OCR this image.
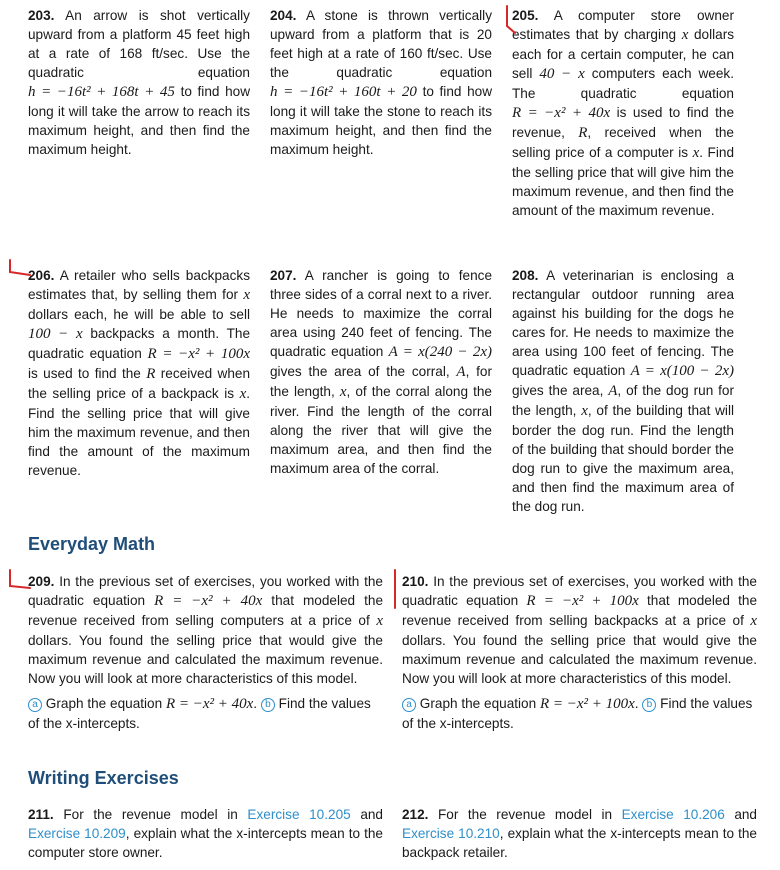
203. An arrow is shot vertically upward from a platform 45 feet high at a rate of 168 ft/sec. Use the quadratic equation h = −16t² + 168t + 45 to find how long it will take the arrow to reach its maximum height, and then find the maximum height.
204. A stone is thrown vertically upward from a platform that is 20 feet high at a rate of 160 ft/sec. Use the quadratic equation h = −16t² + 160t + 20 to find how long it will take the stone to reach its maximum height, and then find the maximum height.
205. A computer store owner estimates that by charging x dollars each for a certain computer, he can sell 40 − x computers each week. The quadratic equation R = −x² + 40x is used to find the revenue, R, received when the selling price of a computer is x. Find the selling price that will give him the maximum revenue, and then find the amount of the maximum revenue.
206. A retailer who sells backpacks estimates that, by selling them for x dollars each, he will be able to sell 100 − x backpacks a month. The quadratic equation R = −x² + 100x is used to find the R received when the selling price of a backpack is x. Find the selling price that will give him the maximum revenue, and then find the amount of the maximum revenue.
207. A rancher is going to fence three sides of a corral next to a river. He needs to maximize the corral area using 240 feet of fencing. The quadratic equation A = x(240 − 2x) gives the area of the corral, A, for the length, x, of the corral along the river. Find the length of the corral along the river that will give the maximum area, and then find the maximum area of the corral.
208. A veterinarian is enclosing a rectangular outdoor running area against his building for the dogs he cares for. He needs to maximize the area using 100 feet of fencing. The quadratic equation A = x(100 − 2x) gives the area, A, of the dog run for the length, x, of the building that will border the dog run. Find the length of the building that should border the dog run to give the maximum area, and then find the maximum area of the dog run.
Everyday Math
209. In the previous set of exercises, you worked with the quadratic equation R = −x² + 40x that modeled the revenue received from selling computers at a price of x dollars. You found the selling price that would give the maximum revenue and calculated the maximum revenue. Now you will look at more characteristics of this model.
a Graph the equation R = −x² + 40x. b Find the values of the x-intercepts.
210. In the previous set of exercises, you worked with the quadratic equation R = −x² + 100x that modeled the revenue received from selling backpacks at a price of x dollars. You found the selling price that would give the maximum revenue and calculated the maximum revenue. Now you will look at more characteristics of this model.
a Graph the equation R = −x² + 100x. b Find the values of the x-intercepts.
Writing Exercises
211. For the revenue model in Exercise 10.205 and Exercise 10.209, explain what the x-intercepts mean to the computer store owner.
212. For the revenue model in Exercise 10.206 and Exercise 10.210, explain what the x-intercepts mean to the backpack retailer.
